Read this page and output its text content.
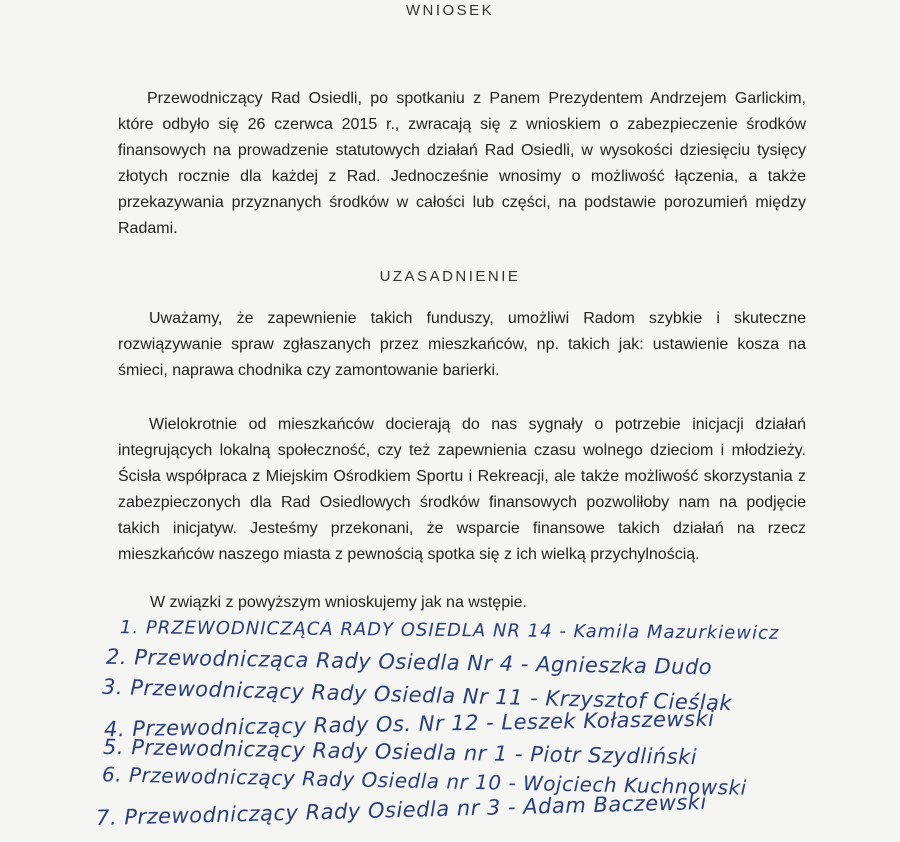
WNIOSEK

Przewodniczący Rad Osiedli, po spotkaniu z Panem Prezydentem Andrzejem Garlickim, które odbyło się 26 czerwca 2015 r., zwracają się z wnioskiem o zabezpieczenie środków finansowych na prowadzenie statutowych działań Rad Osiedli, w wysokości dziesięciu tysięcy złotych rocznie dla każdej z Rad. Jednocześnie wnosimy o możliwość łączenia, a także przekazywania przyznanych środków w całości lub części, na podstawie porozumień między Radami.

UZASADNIENIE

Uważamy, że zapewnienie takich funduszy, umożliwi Radom szybkie i skuteczne rozwiązywanie spraw zgłaszanych przez mieszkańców, np. takich jak: ustawienie kosza na śmieci, naprawa chodnika czy zamontowanie barierki.

Wielokrotnie od mieszkańców docierają do nas sygnały o potrzebie inicjacji działań integrujących lokalną społeczność, czy też zapewnienia czasu wolnego dzieciom i młodzieży. Ścisła współpraca z Miejskim Ośrodkiem Sportu i Rekreacji, ale także możliwość skorzystania z zabezpieczonych dla Rad Osiedlowych środków finansowych pozwoliłoby nam na podjęcie takich inicjatyw. Jesteśmy przekonani, że wsparcie finansowe takich działań na rzecz mieszkańców naszego miasta z pewnością spotka się z ich wielką przychylnością.

W związki z powyższym wnioskujemy jak na wstępie.

1. PRZEWODNICZĄCA RADY OSIEDLA NR 14 - Kamila Mazurkiewicz
2. Przewodnicząca Rady Osiedla Nr 4 - Agnieszka Dudo
3. Przewodniczący Rady Osiedla Nr 11 - Krzysztof Cieślak
4. Przewodniczący Rady Os. Nr 12 - Leszek Kołaszewski
5. Przewodniczący Rady Osiedla nr 1 - Piotr Szydliński
6. Przewodniczący Rady Osiedla nr 10 - Wojciech Kuchnowski
7. Przewodniczący Rady Osiedla nr 3 - Adam Baczewski
